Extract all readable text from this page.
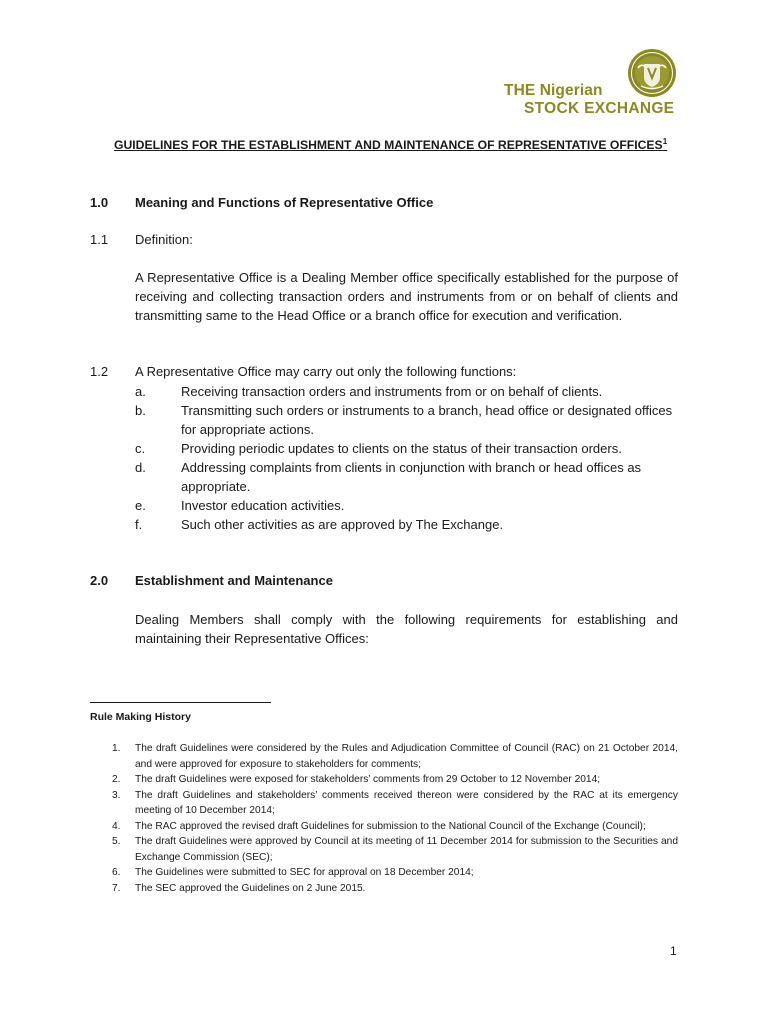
THE Nigerian
STOCK EXCHANGE
GUIDELINES FOR THE ESTABLISHMENT AND MAINTENANCE OF REPRESENTATIVE OFFICES$^1$
1.0 Meaning and Functions of Representative Office
1.1 Definition:
A Representative Office is a Dealing Member office specifically established for the purpose of receiving and collecting transaction orders and instruments from or on behalf of clients and transmitting same to the Head Office or a branch office for execution and verification.
1.2 A Representative Office may carry out only the following functions:
a.	Receiving transaction orders and instruments from or on behalf of clients.
b.	Transmitting such orders or instruments to a branch, head office or designated offices for appropriate actions.
c.	Providing periodic updates to clients on the status of their transaction orders.
d.	Addressing complaints from clients in conjunction with branch or head offices as appropriate.
e.	Investor education activities.
f.	Such other activities as are approved by The Exchange.
2.0 Establishment and Maintenance
Dealing Members shall comply with the following requirements for establishing and maintaining their Representative Offices:
Rule Making History
1.	The draft Guidelines were considered by the Rules and Adjudication Committee of Council (RAC) on 21 October 2014, and were approved for exposure to stakeholders for comments;
2.	The draft Guidelines were exposed for stakeholders’ comments from 29 October to 12 November 2014;
3.	The draft Guidelines and stakeholders’ comments received thereon were considered by the RAC at its emergency meeting of 10 December 2014;
4.	The RAC approved the revised draft Guidelines for submission to the National Council of the Exchange (Council);
5.	The draft Guidelines were approved by Council at its meeting of 11 December 2014 for submission to the Securities and Exchange Commission (SEC);
6.	The Guidelines were submitted to SEC for approval on 18 December 2014;
7.	The SEC approved the Guidelines on 2 June 2015.
1
